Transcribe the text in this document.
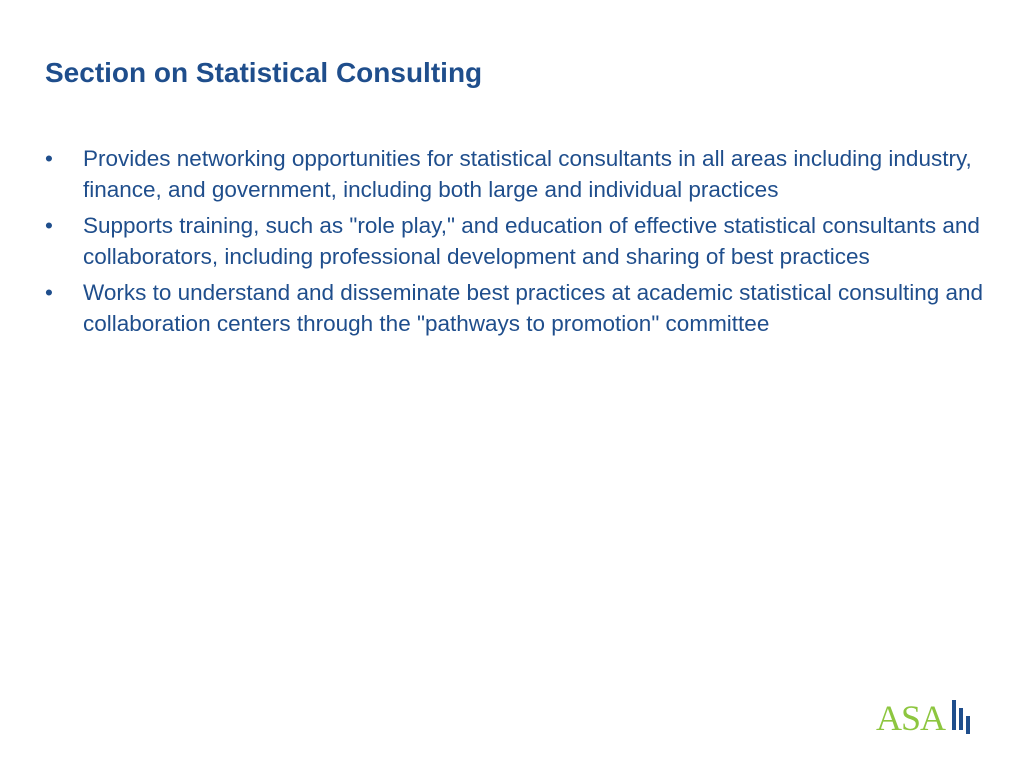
Section on Statistical Consulting
•	Provides networking opportunities for statistical consultants in all areas including industry, finance, and government, including both large and individual practices
•	Supports training, such as "role play," and education of effective statistical consultants and collaborators, including professional development and sharing of best practices
•	Works to understand and disseminate best practices at academic statistical consulting and collaboration centers through the "pathways to promotion" committee
ASA
